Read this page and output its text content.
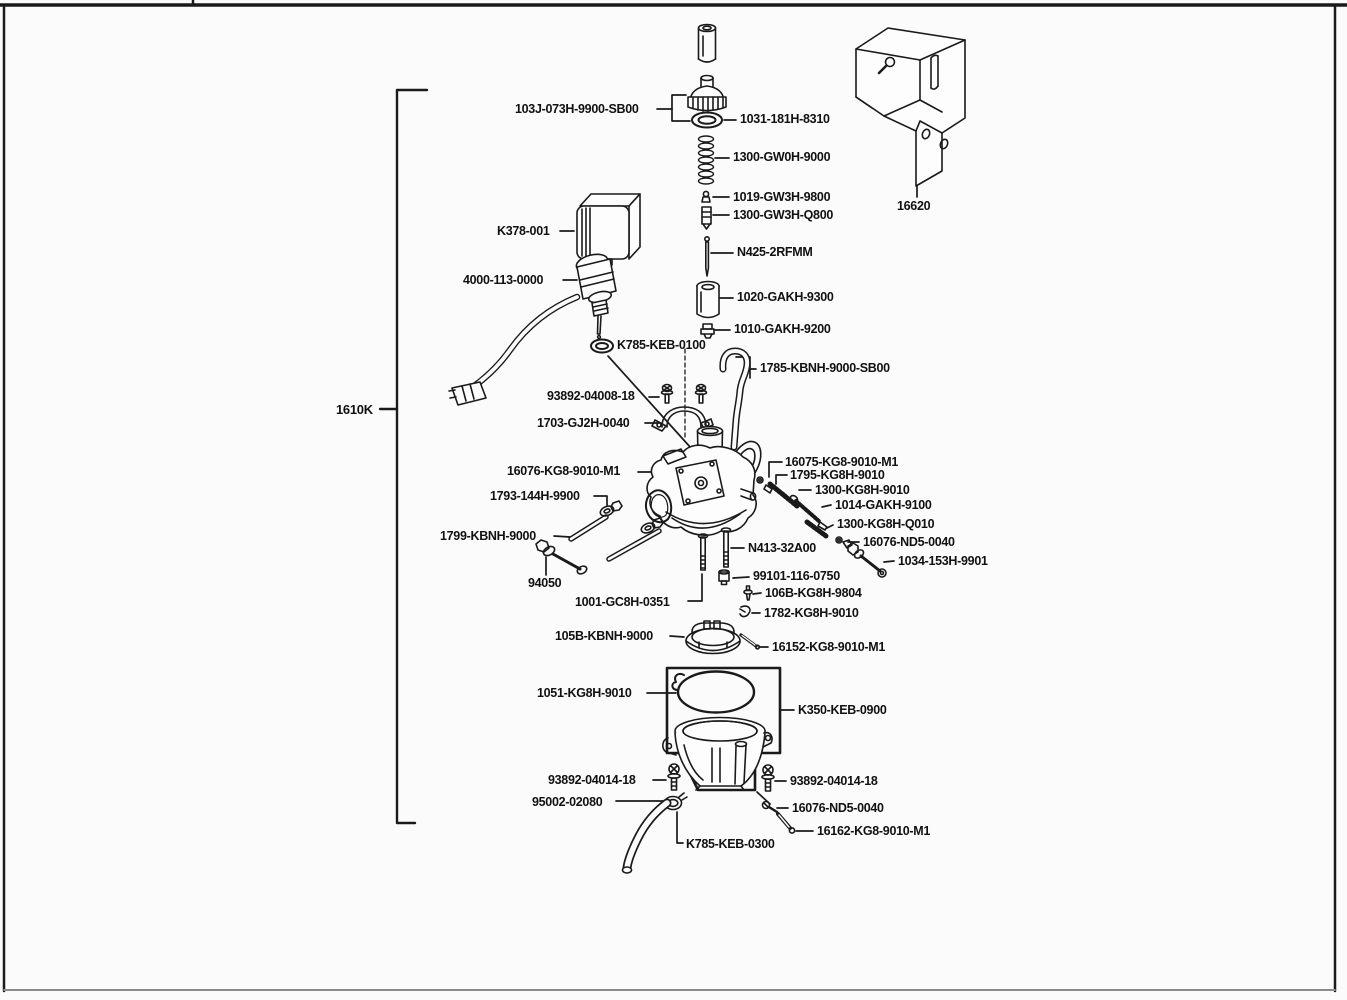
103J-073H-9900-SB00
1031-181H-8310
1300-GW0H-9000
1019-GW3H-9800
1300-GW3H-Q800
N425-2RFMM
1020-GAKH-9300
1010-GAKH-9200
K785-KEB-0100
1785-KBNH-9000-SB00
93892-04008-18
1703-GJ2H-0040
16620
K378-001
4000-113-0000
1610K
16076-KG8-9010-M1
1793-144H-9900
1799-KBNH-9000
94050
1001-GC8H-0351
105B-KBNH-9000
16075-KG8-9010-M1
1795-KG8H-9010
1300-KG8H-9010
1014-GAKH-9100
1300-KG8H-Q010
16076-ND5-0040
1034-153H-9901
N413-32A00
99101-116-0750
106B-KG8H-9804
1782-KG8H-9010
16152-KG8-9010-M1
1051-KG8H-9010
K350-KEB-0900
93892-04014-18	93892-04014-18
95002-02080	16076-ND5-0040
16162-KG8-9010-M1
K785-KEB-0300
